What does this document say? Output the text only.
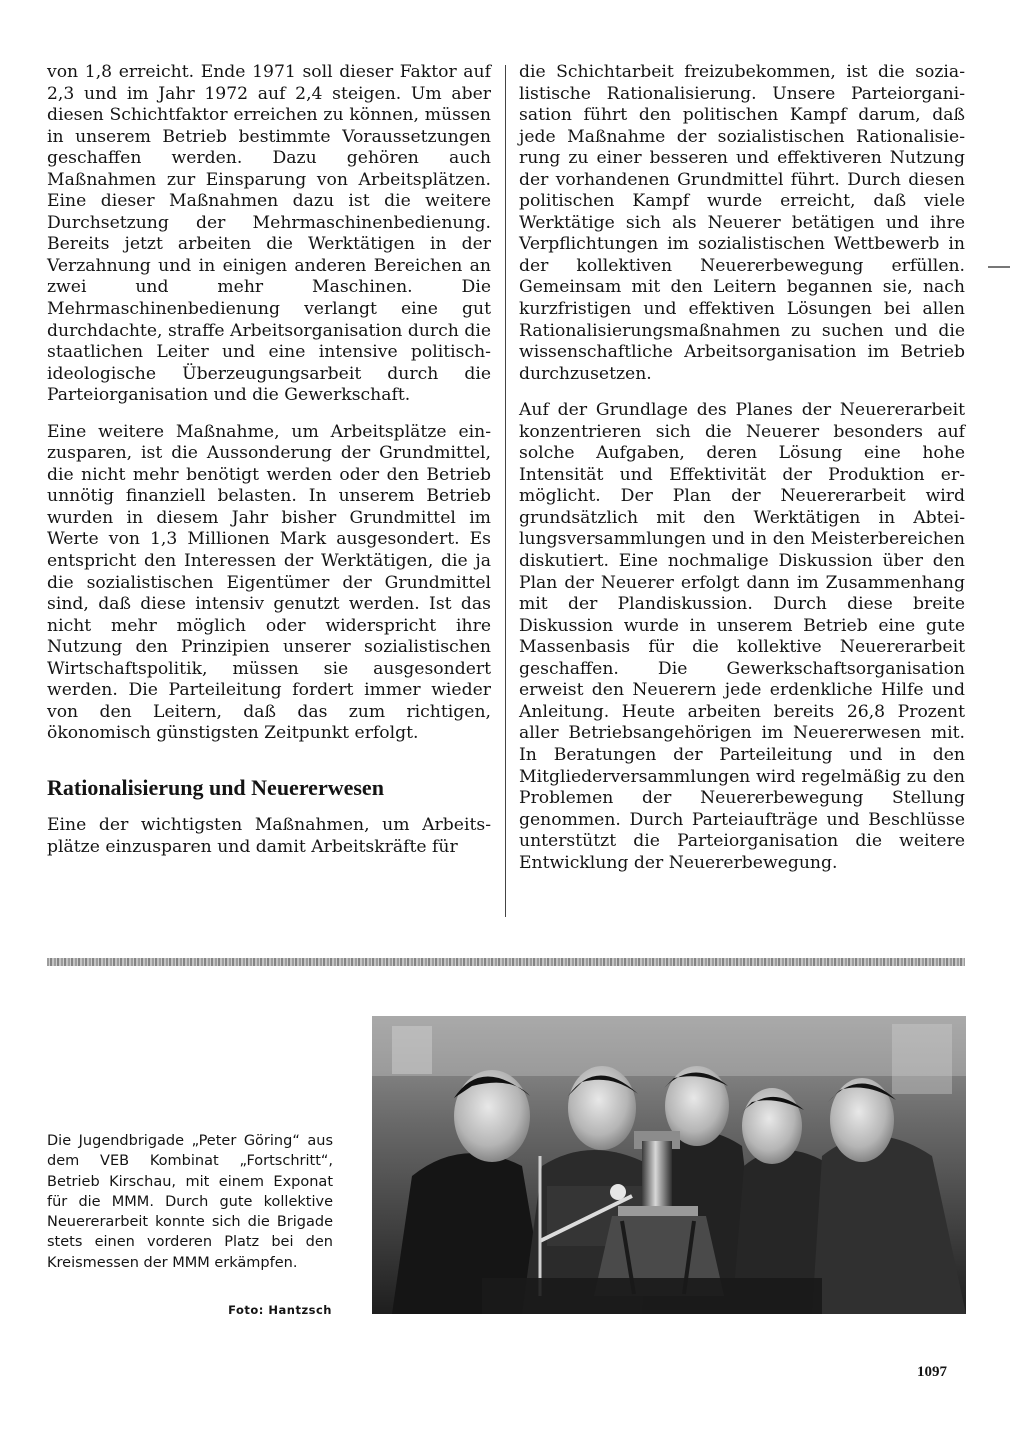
von 1,8 erreicht. Ende 1971 soll dieser Faktor auf 2,3 und im Jahr 1972 auf 2,4 steigen. Um aber diesen Schichtfaktor erreichen zu können, müssen in unserem Betrieb bestimmte Voraussetzungen geschaffen werden. Dazu gehören auch Maßnahmen zur Einsparung von Arbeitsplätzen. Eine dieser Maßnahmen dazu ist die weitere Durchsetzung der Mehrmaschinenbedienung. Bereits jetzt arbeiten die Werktätigen in der Verzahnung und in einigen anderen Bereichen an zwei und mehr Maschinen. Die Mehrmaschinenbedienung verlangt eine gut durchdachte, straffe Arbeitsorganisation durch die staatlichen Leiter und eine intensive politisch-ideologische Überzeugungsarbeit durch die Parteiorganisation und die Gewerkschaft.

Eine weitere Maßnahme, um Arbeitsplätze einzusparen, ist die Aussonderung der Grundmittel, die nicht mehr benötigt werden oder den Betrieb unnötig finanziell belasten. In unserem Betrieb wurden in diesem Jahr bisher Grundmittel im Werte von 1,3 Millionen Mark ausgesondert. Es entspricht den Interessen der Werktätigen, die ja die sozialistischen Eigentümer der Grundmittel sind, daß diese intensiv genutzt werden. Ist das nicht mehr möglich oder widerspricht ihre Nutzung den Prinzipien unserer sozialistischen Wirtschaftspolitik, müssen sie ausgesondert werden. Die Parteileitung fordert immer wieder von den Leitern, daß das zum richtigen, ökonomisch günstigsten Zeitpunkt erfolgt.

Rationalisierung und Neuererwesen

Eine der wichtigsten Maßnahmen, um Arbeitsplätze einzusparen und damit Arbeitskräfte für

die Schichtarbeit freizubekommen, ist die sozialistische Rationalisierung. Unsere Parteiorganisation führt den politischen Kampf darum, daß jede Maßnahme der sozialistischen Rationalisierung zu einer besseren und effektiveren Nutzung der vorhandenen Grundmittel führt. Durch diesen politischen Kampf wurde erreicht, daß viele Werktätige sich als Neuerer betätigen und ihre Verpflichtungen im sozialistischen Wettbewerb in der kollektiven Neuererbewegung erfüllen. Gemeinsam mit den Leitern begannen sie, nach kurzfristigen und effektiven Lösungen bei allen Rationalisierungsmaßnahmen zu suchen und die wissenschaftliche Arbeitsorganisation im Betrieb durchzusetzen.

Auf der Grundlage des Planes der Neuererarbeit konzentrieren sich die Neuerer besonders auf solche Aufgaben, deren Lösung eine hohe Intensität und Effektivität der Produktion ermöglicht. Der Plan der Neuererarbeit wird grundsätzlich mit den Werktätigen in Abteilungsversammlungen und in den Meisterbereichen diskutiert. Eine nochmalige Diskussion über den Plan der Neuerer erfolgt dann im Zusammenhang mit der Plandiskussion. Durch diese breite Diskussion wurde in unserem Betrieb eine gute Massenbasis für die kollektive Neuererarbeit geschaffen. Die Gewerkschaftsorganisation erweist den Neuerern jede erdenkliche Hilfe und Anleitung. Heute arbeiten bereits 26,8 Prozent aller Betriebsangehörigen im Neuererwesen mit. In Beratungen der Parteileitung und in den Mitgliederversammlungen wird regelmäßig zu den Problemen der Neuererbewegung Stellung genommen. Durch Parteiaufträge und Beschlüsse unterstützt die Parteiorganisation die weitere Entwicklung der Neuererbewegung.

Die Jugendbrigade „Peter Göring“ aus dem VEB Kombinat „Fortschritt“, Betrieb Kirschau, mit einem Exponat für die MMM. Durch gute kollektive Neuererarbeit konnte sich die Brigade stets einen vorderen Platz bei den Kreismessen der MMM erkämpfen.
Foto: Hantzsch
1097
